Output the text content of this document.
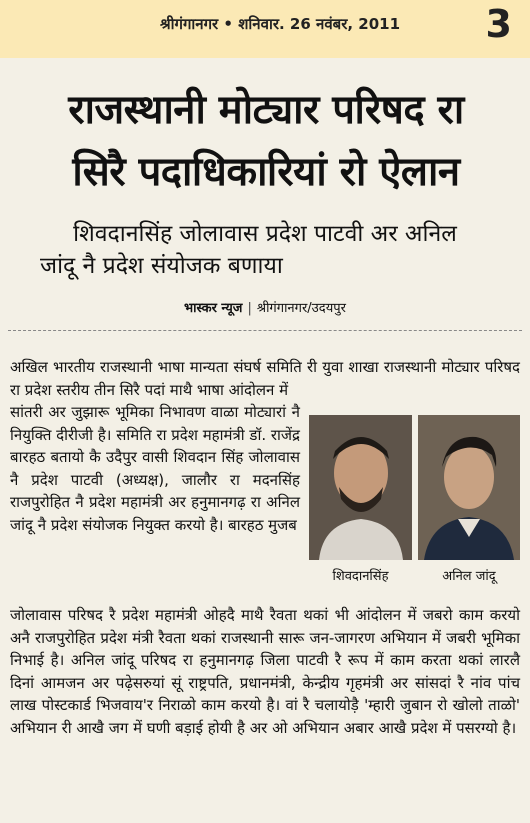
श्रीगंगानगर • शनिवार. 26 नवंबर, 2011 3
राजस्थानी मोट्यार परिषद रा
सिरै पदाधिकारियां रो ऐलान
शिवदानसिंह जोलावास प्रदेश पाटवी अर अनिल
जांदू नै प्रदेश संयोजक बणाया
भास्कर न्यूज | श्रीगंगानगर/उदयपुर
अखिल भारतीय राजस्थानी भाषा मान्यता संघर्ष समिति री युवा शाखा राजस्थानी मोट्यार परिषद रा प्रदेश स्तरीय तीन सिरै पदां माथै भाषा आंदोलन में
सांतरी अर जुझारू भूमिका निभावण वाळा मोट्यारां नै नियुक्ति दीरीजी है। समिति रा प्रदेश महामंत्री डॉ. राजेंद्र बारहठ बतायो कै उदैपुर वासी शिवदान सिंह जोलावास नै प्रदेश पाटवी (अध्यक्ष), जालौर रा मदनसिंह राजपुरोहित नै प्रदेश महामंत्री अर हनुमानगढ़ रा अनिल जांदू नै प्रदेश संयोजक नियुक्त करयो है। बारहठ मुजब
शिवदानसिंह	अनिल जांदू
जोलावास परिषद रै प्रदेश महामंत्री ओहदै माथै रैवता थकां भी आंदोलन में जबरो काम करयो अनै राजपुरोहित प्रदेश मंत्री रैवता थकां राजस्थानी सारू जन-जागरण अभियान में जबरी भूमिका निभाई है। अनिल जांदू परिषद रा हनुमानगढ़ जिला पाटवी रै रूप में काम करता थकां लारलै दिनां आमजन अर पढ़ेसरुयां सूं राष्ट्रपति, प्रधानमंत्री, केन्द्रीय गृहमंत्री अर सांसदां रै नांव पांच लाख पोस्टकार्ड भिजवाय'र निराळो काम करयो है। वां रै चलायोड़ै 'म्हारी जुबान रो खोलो ताळो' अभियान री आखै जग में घणी बड़ाई होयी है अर ओ अभियान अबार आखै प्रदेश में पसरग्यो है।
